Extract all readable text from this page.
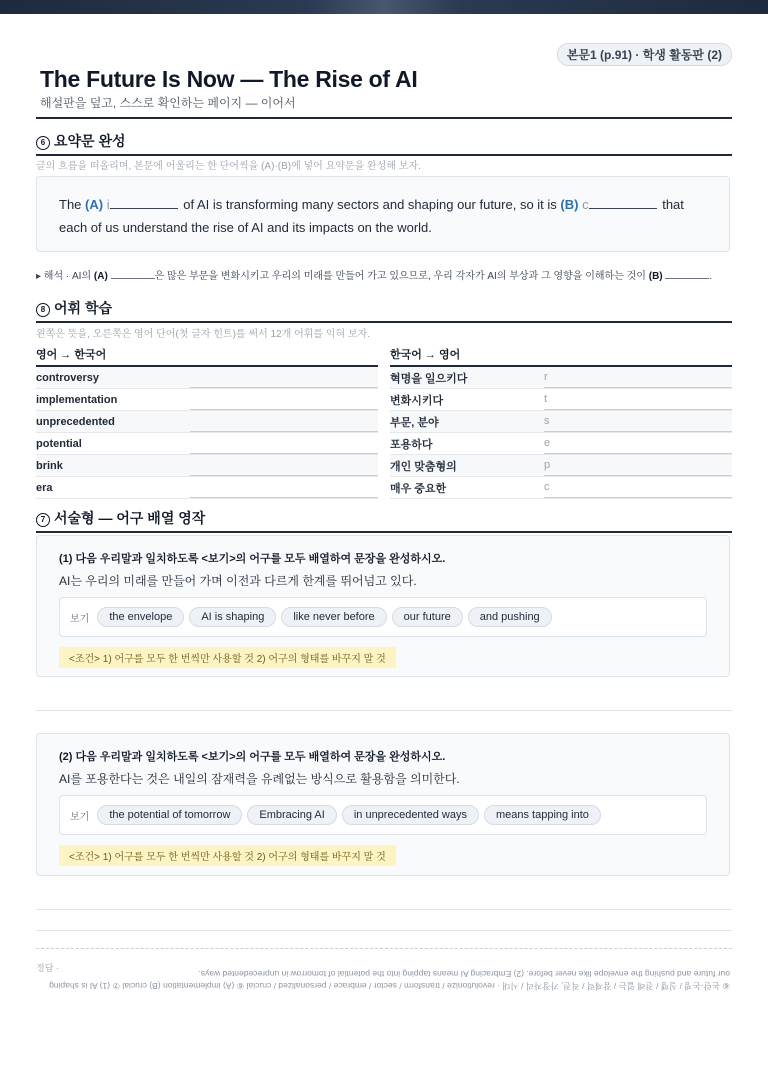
본문1 (p.91) · 학생 활동판 (2)
The Future Is Now — The Rise of AI
해설판을 덮고, 스스로 확인하는 페이지 — 이어서
6 요약문 완성
글의 흐름을 떠올리며, 본문에 어울리는 한 단어씩을 (A)·(B)에 넣어 요약문을 완성해 보자.
The (A) i	of AI is transforming many sectors and shaping our future, so it is (B) c	that each of us understand the rise of AI and its impacts on the world.
▸ 해석 · AI의 (A)	은 많은 부문을 변화시키고 우리의 미래를 만들어 가고 있으므로, 우리 각자가 AI의 부상과 그 영향을 이해하는 것이 (B)	.
8 어휘 학습
왼쪽은 뜻을, 오른쪽은 영어 단어(첫 글자 힌트)를 써서 12개 어휘를 익혀 보자.
영어 → 한국어
controversy
implementation
unprecedented
potential
brink
era
한국어 → 영어
혁명을 일으키다	r
변화시키다	t
부문, 분야	s
포용하다	e
개인 맞춤형의	p
매우 중요한	c
7 서술형 — 어구 배열 영작
(1) 다음 우리말과 일치하도록 <보기>의 어구를 모두 배열하여 문장을 완성하시오.
AI는 우리의 미래를 만들어 가며 이전과 다르게 한계를 뛰어넘고 있다.
보기	the envelope	AI is shaping	like never before	our future	and pushing
<조건> 1) 어구를 모두 한 번씩만 사용할 것 2) 어구의 형태를 바꾸지 말 것
(2) 다음 우리말과 일치하도록 <보기>의 어구를 모두 배열하여 문장을 완성하시오.
AI를 포용한다는 것은 내일의 잠재력을 유례없는 방식으로 활용함을 의미한다.
보기	the potential of tomorrow	Embracing AI	in unprecedented ways	means tapping into
<조건> 1) 어구를 모두 한 번씩만 사용할 것 2) 어구의 형태를 바꾸지 말 것
정답 ·
⑥ 논란·논쟁 / 실행 / 전례 없는 / 잠재력 / 직전, 가장자리 / 시대 · revolutionize / transform / sector / embrace / personalized / crucial ⑥ (A) implementation (B) crucial ⑦ (1) AI is shaping our future and pushing the envelope like never before. (2) Embracing AI means tapping into the potential of tomorrow in unprecedented ways.
